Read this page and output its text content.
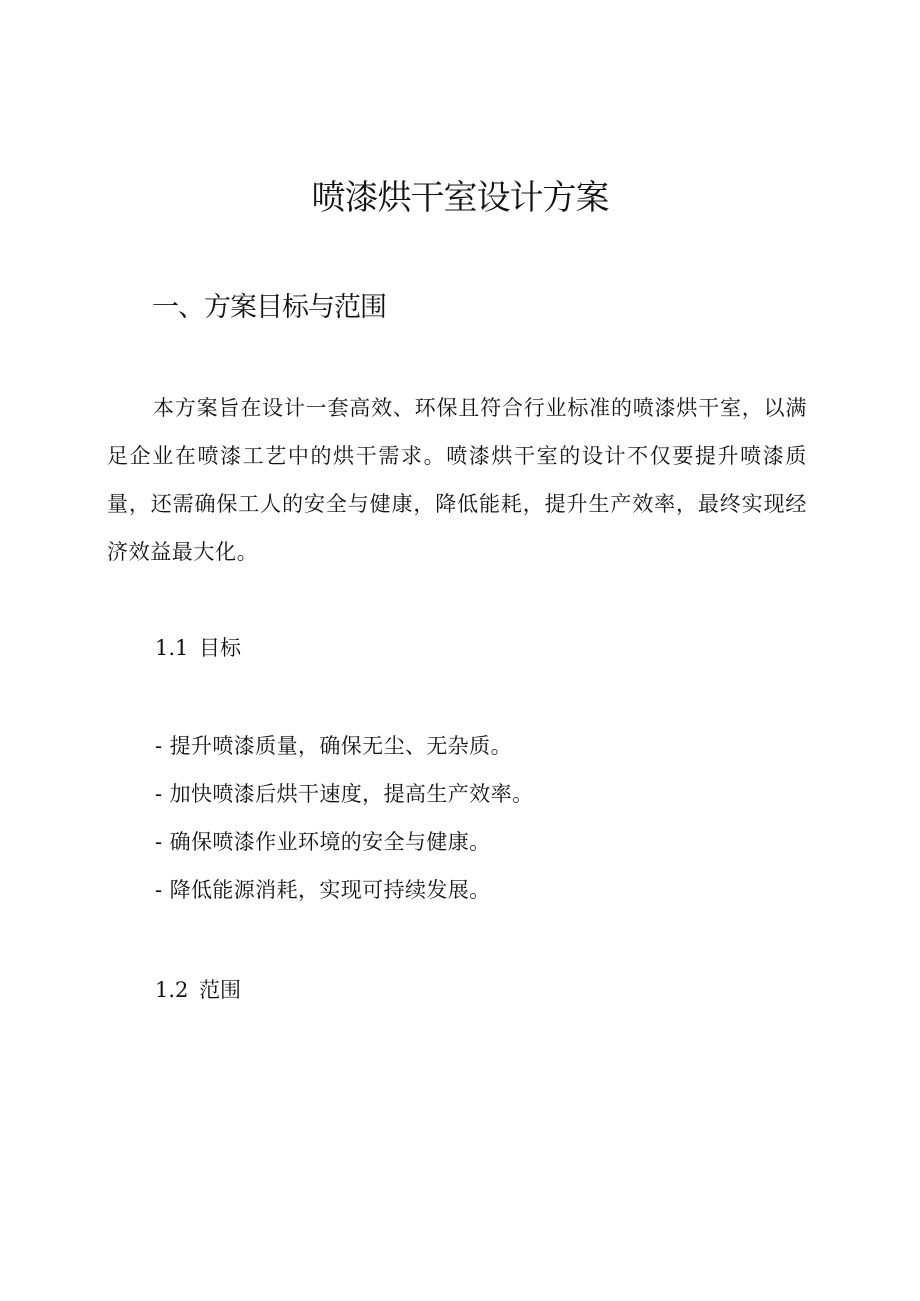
喷漆烘干室设计方案
一、方案目标与范围

本方案旨在设计一套高效、环保且符合行业标准的喷漆烘干室，以满足企业在喷漆工艺中的烘干需求。喷漆烘干室的设计不仅要提升喷漆质量，还需确保工人的安全与健康，降低能耗，提升生产效率，最终实现经济效益最大化。

1.1 目标
- 提升喷漆质量，确保无尘、无杂质。
- 加快喷漆后烘干速度，提高生产效率。
- 确保喷漆作业环境的安全与健康。
- 降低能源消耗，实现可持续发展。
1.2 范围
